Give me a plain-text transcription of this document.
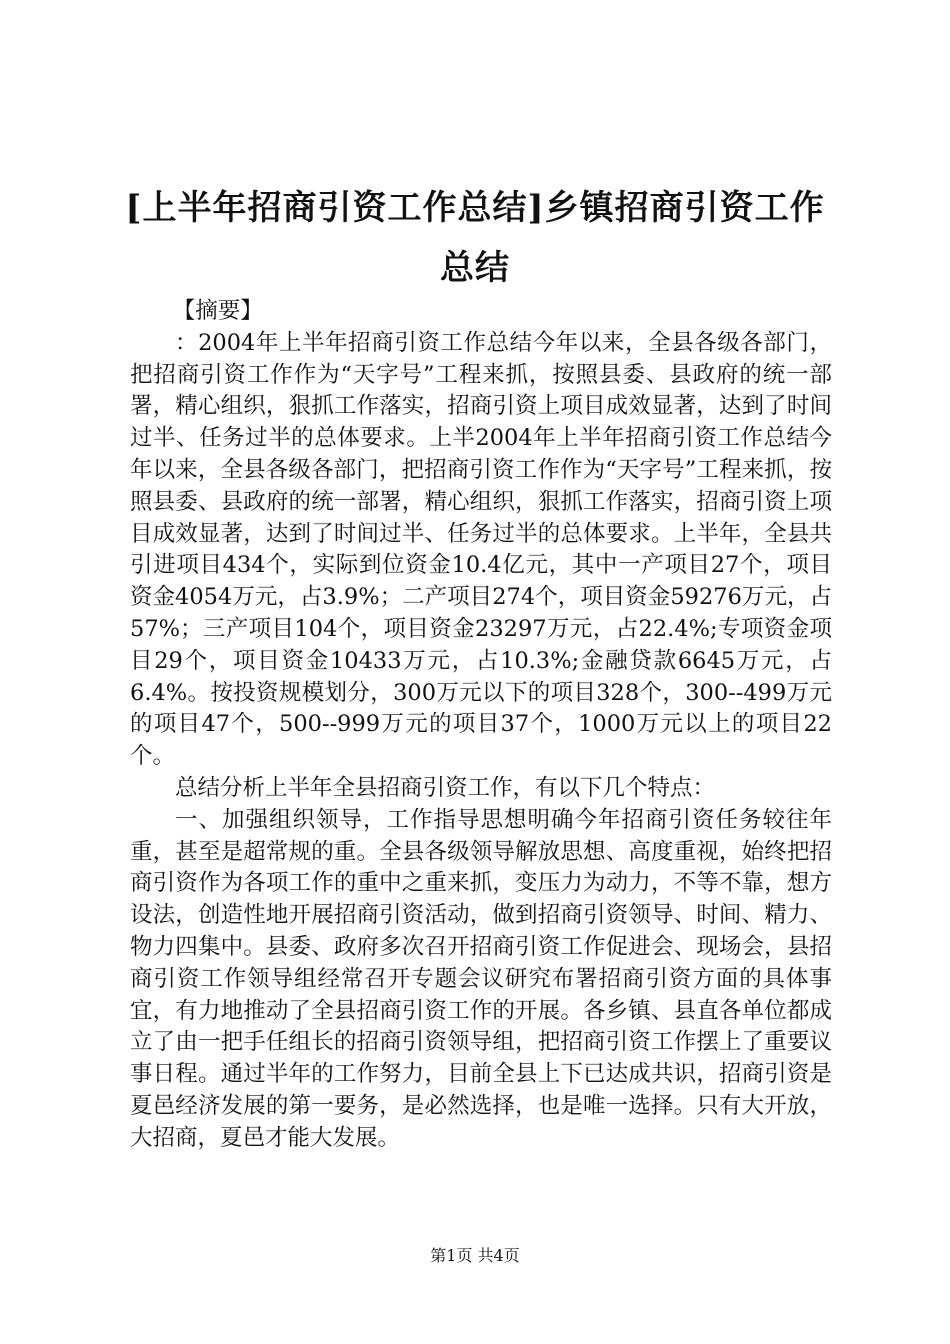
[上半年招商引资工作总结]乡镇招商引资工作总结
【摘要】

：2004年上半年招商引资工作总结今年以来，全县各级各部门，把招商引资工作作为“天字号”工程来抓，按照县委、县政府的统一部署，精心组织，狠抓工作落实，招商引资上项目成效显著，达到了时间过半、任务过半的总体要求。上半2004年上半年招商引资工作总结今年以来，全县各级各部门，把招商引资工作作为“天字号”工程来抓，按照县委、县政府的统一部署，精心组织，狠抓工作落实，招商引资上项目成效显著，达到了时间过半、任务过半的总体要求。上半年，全县共引进项目434个，实际到位资金10.4亿元，其中一产项目27个，项目资金4054万元，占3.9%；二产项目274个，项目资金59276万元，占57%；三产项目104个，项目资金23297万元，占22.4%;专项资金项目29个，项目资金10433万元，占10.3%;金融贷款6645万元，占6.4%。按投资规模划分，300万元以下的项目328个，300--499万元的项目47个，500--999万元的项目37个，1000万元以上的项目22个。

总结分析上半年全县招商引资工作，有以下几个特点：

一、加强组织领导，工作指导思想明确今年招商引资任务较往年重，甚至是超常规的重。全县各级领导解放思想、高度重视，始终把招商引资作为各项工作的重中之重来抓，变压力为动力，不等不靠，想方设法，创造性地开展招商引资活动，做到招商引资领导、时间、精力、物力四集中。县委、政府多次召开招商引资工作促进会、现场会，县招商引资工作领导组经常召开专题会议研究布署招商引资方面的具体事宜，有力地推动了全县招商引资工作的开展。各乡镇、县直各单位都成立了由一把手任组长的招商引资领导组，把招商引资工作摆上了重要议事日程。通过半年的工作努力，目前全县上下已达成共识，招商引资是夏邑经济发展的第一要务，是必然选择，也是唯一选择。只有大开放，大招商，夏邑才能大发展。

第1页 共4页
